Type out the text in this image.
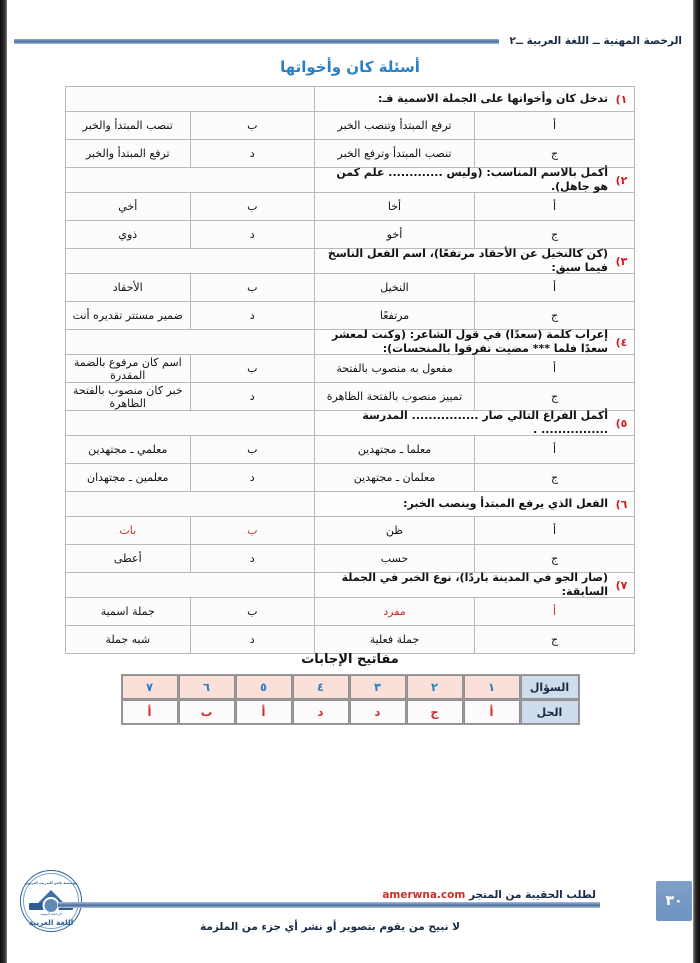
الرخصة المهنية ــ اللغة العربية ــ٢
أسئلة كان وأخواتها
١)
تدخل كان وأخواتها على الجملة الاسمية فـ:			

أ	ترفع المبتدأ وتنصب الخبر	ب	تنصب المبتدأ والخبر
ج	تنصب المبتدأ وترفع الخبر	د	ترفع المبتدأ والخبر

٢)
أكمل بالاسم المناسب: (وليس ............. علم كمن هو جاهل).			

أ	أخا	ب	أخي
ج	أخو	د	ذوي

٣)
(كن كالنخيل عن الأحقاد مرتفعًا)، اسم الفعل الناسخ فيما سبق:			

أ	النخيل	ب	الأحقاد
ج	مرتفعًا	د	ضمير مستتر تقديره أنت

٤)
إعراب كلمة (سعدًا) في قول الشاعر: (وكنت لمعشر سعدًا فلما *** مضيت تفرقوا بالمنحسات):			

أ	مفعول به منصوب بالفتحة	ب	اسم كان مرفوع بالضمة المقدرة
ج	تمييز منصوب بالفتحة الظاهرة	د	خبر كان منصوب بالفتحة الظاهرة

٥)
أكمل الفراغ التالي صار ................ المدرسة ................ .			

أ	معلما ـ مجتهدين	ب	معلمي ـ مجتهدين
ج	معلمان ـ مجتهدين	د	معلمين ـ مجتهدان

٦)
الفعل الذي يرفع المبتدأ وينصب الخبر:			

أ	ظن	ب	بات
ج	حسب	د	أعطى

٧)
(صار الجو في المدينة باردًا)، نوع الخبر في الجملة السابقة:			

أ	مفرد	ب	جملة اسمية
ج	جملة فعلية	د	شبه جملة
مفاتيح الإجابات
السؤال	١	٢	٣	٤	٥	٦	٧
الحل	أ	ج	د	د	أ	ب	أ
مؤسسة عامر للتدريب التربوي
الرخصة المهنية
اللغة العربية
لطلب الحقيبة من المتجر amerwna.com
لا نبيح من يقوم بتصوير أو نشر أي جزء من الملزمة
٣٠
